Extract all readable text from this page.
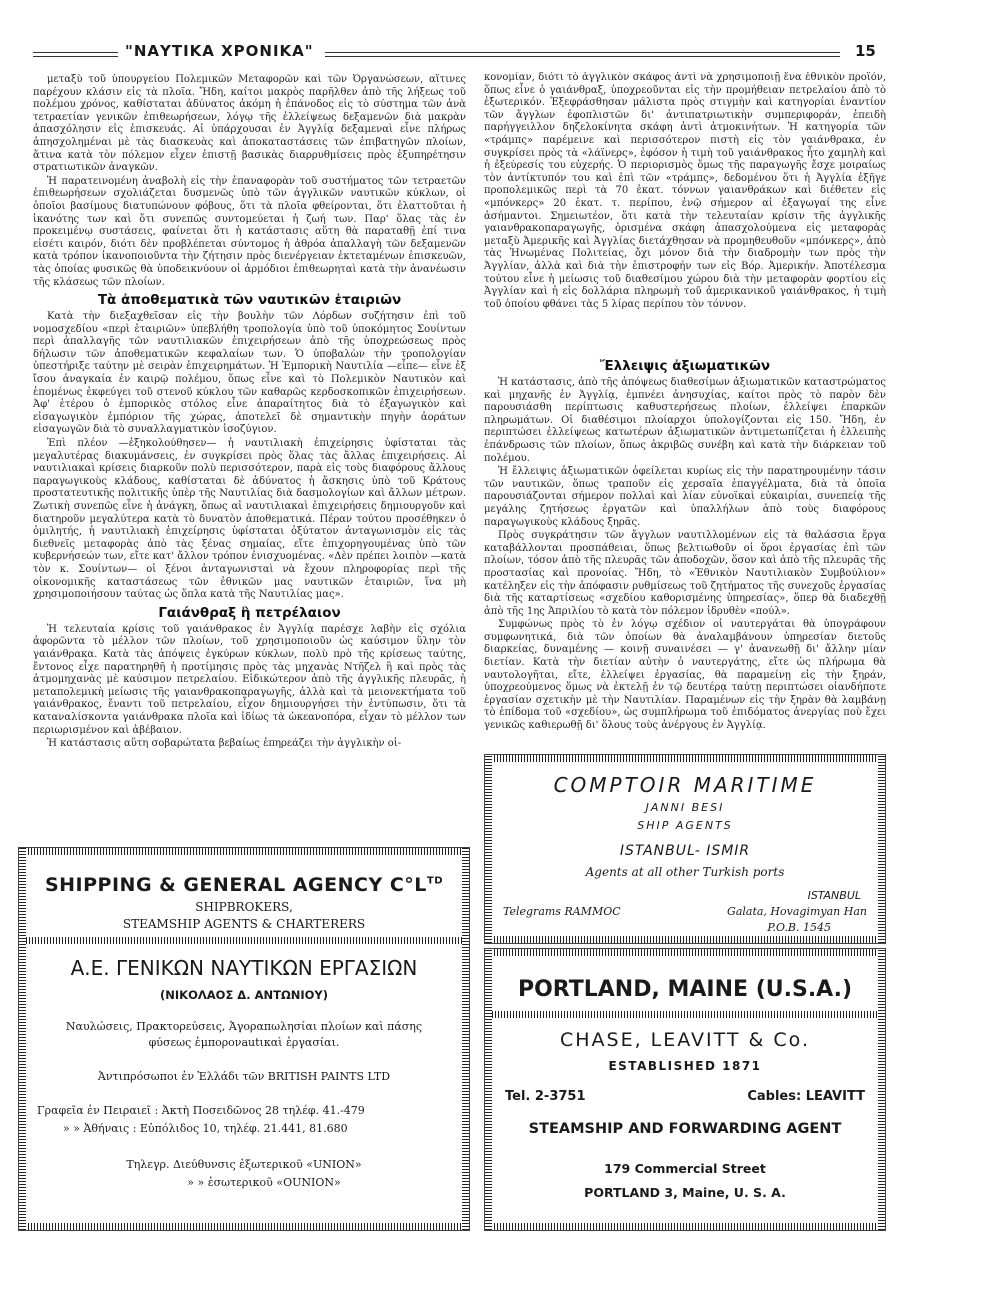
"ΝΑΥΤΙΚΑ ΧΡΟΝΙΚΑ"	15

μεταξὺ τοῦ ὑπουργείου Πολεμικῶν Μεταφορῶν καὶ τῶν Ὀργανώσεων, αἵτινες παρέχουν κλάσιν εἰς τὰ πλοῖα. Ἤδη, καίτοι μακρὸς παρῆλθεν ἀπὸ τῆς λήξεως τοῦ πολέμου χρόνος, καθίσταται ἀδύνατος ἀκόμη ἡ ἐπάνοδος εἰς τὸ σύστημα τῶν ἀνὰ τετραετίαν γενικῶν ἐπιθεωρήσεων, λόγῳ τῆς ἐλλείψεως δεξαμενῶν διὰ μακρὰν ἀπασχόλησιν εἰς ἐπισκευάς. Αἱ ὑπάρχουσαι ἐν Ἀγγλίᾳ δεξαμεναὶ εἶνε πλήρως ἀπησχολημέναι μὲ τὰς διασκευὰς καὶ ἀποκαταστάσεις τῶν ἐπιβατηγῶν πλοίων, ἅτινα κατὰ τὸν πόλεμον εἶχεν ἐπιστῇ βασικὰς διαρρυθμίσεις πρὸς ἐξυπηρέτησιν στρατιωτικῶν ἀναγκῶν.

Ἡ παρατεινομένη ἀναβολὴ εἰς τὴν ἐπαναφορὰν τοῦ συστήματος τῶν τετραετῶν ἐπιθεωρήσεων σχολιάζεται δυσμενῶς ὑπὸ τῶν ἀγγλικῶν ναυτικῶν κύκλων, οἱ ὁποῖοι βασίμους διατυπώνουν φόβους, ὅτι τὰ πλοῖα φθείρονται, ὅτι ἐλαττοῦται ἡ ἱκανότης των καὶ ὅτι συνεπῶς συντομεύεται ἡ ζωή των. Παρ' ὅλας τὰς ἐν προκειμένῳ συστάσεις, φαίνεται ὅτι ἡ κατάστασις αὕτη θὰ παραταθῇ ἐπί τινα εἰσέτι καιρόν, διότι δὲν προβλέπεται σύντομος ἡ ἀθρόα ἀπαλλαγὴ τῶν δεξαμενῶν κατὰ τρόπον ἱκανοποιοῦντα τὴν ζήτησιν πρὸς διενέργειαν ἐκτεταμένων ἐπισκευῶν, τὰς ὁποίας φυσικῶς θὰ ὑποδεικνύουν οἱ ἁρμόδιοι ἐπιθεωρηταὶ κατὰ τὴν ἀνανέωσιν τῆς κλάσεως τῶν πλοίων.

Τὰ ἀποθεματικὰ τῶν ναυτικῶν ἑταιριῶν

Κατὰ τὴν διεξαχθεῖσαν εἰς τὴν βουλὴν τῶν Λόρδων συζήτησιν ἐπὶ τοῦ νομοσχεδίου «περὶ ἑταιριῶν» ὑπεβλήθη τροπολογία ὑπὸ τοῦ ὑποκόμητος Σουίντων περὶ ἀπαλλαγῆς τῶν ναυτιλιακῶν ἐπιχειρήσεων ἀπὸ τῆς ὑποχρεώσεως πρὸς δήλωσιν τῶν ἀποθεματικῶν κεφαλαίων των. Ὁ ὑποβαλὼν τὴν τροπολογίαν ὑπεστήριξε ταύτην μὲ σειρὰν ἐπιχειρημάτων. Ἡ Ἐμπορικὴ Ναυτιλία —εἶπε— εἶνε ἐξ ἴσου ἀναγκαία ἐν καιρῷ πολέμου, ὅπως εἶνε καὶ τὸ Πολεμικὸν Ναυτικὸν καὶ ἑπομένως ἐκφεύγει τοῦ στενοῦ κύκλου τῶν καθαρῶς κερδοσκοπικῶν ἐπιχειρήσεων. Ἀφ' ἑτέρου ὁ ἐμπορικὸς στόλος εἶνε ἀπαραίτητος διὰ τὸ ἐξαγωγικὸν καὶ εἰσαγωγικὸν ἐμπόριον τῆς χώρας, ἀποτελεῖ δὲ σημαντικὴν πηγὴν ἀοράτων εἰσαγωγῶν διὰ τὸ συναλλαγματικὸν ἰσοζύγιον.

Ἐπὶ πλέον —ἐξηκολούθησεν— ἡ ναυτιλιακὴ ἐπιχείρησις ὑφίσταται τὰς μεγαλυτέρας διακυμάνσεις, ἐν συγκρίσει πρὸς ὅλας τὰς ἄλλας ἐπιχειρήσεις. Αἱ ναυτιλιακαὶ κρίσεις διαρκοῦν πολὺ περισσότερον, παρὰ εἰς τοὺς διαφόρους ἄλλους παραγωγικοὺς κλάδους, καθίσταται δὲ ἀδύνατος ἡ ἄσκησις ὑπὸ τοῦ Κράτους προστατευτικῆς πολιτικῆς ὑπὲρ τῆς Ναυτιλίας διὰ δασμολογίων καὶ ἄλλων μέτρων. Ζωτικὴ συνεπῶς εἶνε ἡ ἀνάγκη, ὅπως αἱ ναυτιλιακαὶ ἐπιχειρήσεις δημιουργοῦν καὶ διατηροῦν μεγαλύτερα κατὰ τὸ δυνατὸν ἀποθεματικά. Πέραν τούτου προσέθηκεν ὁ ὁμιλητής, ἡ ναυτιλιακὴ ἐπιχείρησις ὑφίσταται ὀξύτατον ἀνταγωνισμὸν εἰς τὰς διεθνεῖς μεταφορὰς ἀπὸ τὰς ξένας σημαίας, εἴτε ἐπιχορηγουμένας ὑπὸ τῶν κυβερνήσεών των, εἴτε κατ' ἄλλον τρόπον ἐνισχυομένας. «Δὲν πρέπει λοιπὸν —κατὰ τὸν κ. Σουίντων— οἱ ξένοι ἀνταγωνισταὶ νὰ ἔχουν πληροφορίας περὶ τῆς οἰκονομικῆς καταστάσεως τῶν ἐθνικῶν μας ναυτικῶν ἑταιριῶν, ἵνα μὴ χρησιμοποιήσουν ταύτας ὡς ὅπλα κατὰ τῆς Ναυτιλίας μας».

Γαιάνθραξ ἢ πετρέλαιον

Ἡ τελευταία κρίσις τοῦ γαιάνθρακος ἐν Ἀγγλίᾳ παρέσχε λαβὴν εἰς σχόλια ἀφορῶντα τὸ μέλλον τῶν πλοίων, τοῦ χρησιμοποιοῦν ὡς καύσιμον ὕλην τὸν γαιάνθρακα. Κατὰ τὰς ἀπόψεις ἐγκύρων κύκλων, πολὺ πρὸ τῆς κρίσεως ταύτης, ἔντονος εἶχε παρατηρηθῆ ἡ προτίμησις πρὸς τὰς μηχανὰς Ντῆζελ ἢ καὶ πρὸς τὰς ἀτμομηχανὰς μὲ καύσιμον πετρελαίου. Εἰδικώτερον ἀπὸ τῆς ἀγγλικῆς πλευρᾶς, ἡ μεταπολεμικὴ μείωσις τῆς γαιανθρακοπαραγωγῆς, ἀλλὰ καὶ τὰ μειονεκτήματα τοῦ γαιάνθρακος, ἔναντι τοῦ πετρελαίου, εἶχον δημιουργήσει τὴν ἐντύπωσιν, ὅτι τὰ καταναλίσκοντα γαιάνθρακα πλοῖα καὶ ἰδίως τὰ ὠκεανοπόρα, εἶχαν τὸ μέλλον των περιωρισμένον καὶ ἀβέβαιον.

Ἡ κατάστασις αὕτη σοβαρώτατα βεβαίως ἐπηρεάζει τὴν ἀγγλικὴν οἰ-

κονομίαν, διότι τὸ ἀγγλικὸν σκάφος ἀντὶ νὰ χρησιμοποιῇ ἕνα ἐθνικὸν προϊόν, ὅπως εἶνε ὁ γαιάνθραξ, ὑποχρεοῦνται εἰς τὴν προμήθειαν πετρελαίου ἀπὸ τὸ ἐξωτερικόν. Ἐξεφράσθησαν μάλιστα πρὸς στιγμὴν καὶ κατηγορίαι ἐναντίον τῶν ἄγγλων ἐφοπλιστῶν δι' ἀντιπατριωτικὴν συμπεριφοράν, ἐπειδὴ παρήγγειλλον δηζελοκίνητα σκάφη ἀντὶ ἀτμοκινήτων. Ἡ κατηγορία τῶν «τράμπς» παρέμεινε καὶ περισσότερον πιστὴ εἰς τὸν γαιάνθρακα, ἐν συγκρίσει πρὸς τὰ «λάϊνερς», ἐφόσον ἡ τιμὴ τοῦ γαιάνθρακος ἦτο χαμηλὴ καὶ ἡ ἐξεύρεσίς του εὐχερής. Ὁ περιορισμὸς ὅμως τῆς παραγωγῆς ἔσχε μοιραίως τὸν ἀντίκτυπόν του καὶ ἐπὶ τῶν «τράμπς», δεδομένου ὅτι ἡ Ἀγγλία ἐξῆγε προπολεμικῶς περὶ τὰ 70 ἑκατ. τόννων γαιανθράκων καὶ διέθετεν εἰς «μπόνκερς» 20 ἑκατ. τ. περίπου, ἐνῷ σήμερον αἱ ἐξαγωγαί της εἶνε ἀσήμαντοι. Σημειωτέον, ὅτι κατὰ τὴν τελευταίαν κρίσιν τῆς ἀγγλικῆς γαιανθρακοπαραγωγῆς, ὁρισμένα σκάφη ἀπασχολούμενα εἰς μεταφορὰς μεταξὺ Ἀμερικῆς καὶ Ἀγγλίας διετάχθησαν νὰ προμηθευθοῦν «μπόνκερς», ἀπὸ τὰς Ἡνωμένας Πολιτείας, ὄχι μόνον διὰ τὴν διαδρομὴν των πρὸς τὴν Ἀγγλίαν, ἀλλὰ καὶ διὰ τὴν ἐπιστροφήν των εἰς Βόρ. Ἀμερικήν. Ἀποτέλεσμα τούτου εἶνε ἡ μείωσις τοῦ διαθεσίμου χώρου διὰ τὴν μεταφορὰν φορτίου εἰς Ἀγγλίαν καὶ ἡ εἰς δολλάρια πληρωμὴ τοῦ ἀμερικανικοῦ γαιάνθρακος, ἡ τιμὴ τοῦ ὁποίου φθάνει τὰς 5 λίρας περίπου τὸν τόννον.

Ἔλλειψις ἀξιωματικῶν

Ἡ κατάστασις, ἀπὸ τῆς ἀπόψεως διαθεσίμων ἀξιωματικῶν καταστρώματος καὶ μηχανῆς ἐν Ἀγγλίᾳ, ἐμπνέει ἀνησυχίας, καίτοι πρὸς τὸ παρὸν δὲν παρουσιάσθη περίπτωσις καθυστερήσεως πλοίων, ἐλλείψει ἐπαρκῶν πληρωμάτων. Οἱ διαθέσιμοι πλοίαρχοι ὑπολογίζονται εἰς 150. Ἤδη, ἐν περιπτώσει ἐλλείψεως κατωτέρων ἀξιωματικῶν ἀντιμετωπίζεται ἡ ἐλλειπὴς ἐπάνδρωσις τῶν πλοίων, ὅπως ἀκριβῶς συνέβη καὶ κατὰ τὴν διάρκειαν τοῦ πολέμου.

Ἡ ἔλλειψις ἀξιωματικῶν ὀφείλεται κυρίως εἰς τὴν παρατηρουμένην τάσιν τῶν ναυτικῶν, ὅπως τραποῦν εἰς χερσαῖα ἐπαγγέλματα, διὰ τὰ ὁποῖα παρουσιάζονται σήμερον πολλαὶ καὶ λίαν εὐνοϊκαὶ εὐκαιρίαι, συνεπείᾳ τῆς μεγάλης ζητήσεως ἐργατῶν καὶ ὑπαλλήλων ἀπὸ τοὺς διαφόρους παραγωγικοὺς κλάδους ξηρᾶς.

Πρὸς συγκράτησιν τῶν ἄγγλων ναυτιλλομένων εἰς τὰ θαλάσσια ἔργα καταβάλλονται προσπάθειαι, ὅπως βελτιωθοῦν οἱ ὅροι ἐργασίας ἐπὶ τῶν πλοίων, τόσον ἀπὸ τῆς πλευρᾶς τῶν ἀποδοχῶν, ὅσον καὶ ἀπὸ τῆς πλευρᾶς τῆς προστασίας καὶ προνοίας. Ἤδη, τὸ «Ἐθνικὸν Ναυτιλιακὸν Συμβούλιον» κατέληξεν εἰς τὴν ἀπόφασιν ρυθμίσεως τοῦ ζητήματος τῆς συνεχοῦς ἐργασίας διὰ τῆς καταρτίσεως «σχεδίου καθορισμένης ὑπηρεσίας», ὅπερ θὰ διαδεχθῇ ἀπὸ τῆς 1ης Ἀπριλίου τὸ κατὰ τὸν πόλεμον ἱδρυθὲν «πούλ».

Συμφώνως πρὸς τὸ ἐν λόγῳ σχέδιον οἱ ναυτεργάται θὰ ὑπογράφουν συμφωνητικά, διὰ τῶν ὁποίων θὰ ἀναλαμβάνουν ὑπηρεσίαν διετοῦς διαρκείας, δυναμένης — κοινῇ συναινέσει — γ' ἀνανεωθῇ δι' ἄλλην μίαν διετίαν. Κατὰ τὴν διετίαν αὐτὴν ὁ ναυτεργάτης, εἴτε ὡς πλήρωμα θὰ ναυτολογῆται, εἴτε, ἐλλείψει ἐργασίας, θὰ παραμείνῃ εἰς τὴν ξηράν, ὑποχρεούμενος ὅμως νὰ ἐκτελῇ ἐν τῷ δευτέρᾳ ταύτῃ περιπτώσει οἱανδήποτε ἐργασίαν σχετικὴν μὲ τὴν Ναυτιλίαν. Παραμένων εἰς τὴν ξηρὰν θὰ λαμβάνῃ τὸ ἐπίδομα τοῦ «σχεδίου», ὡς συμπλήρωμα τοῦ ἐπιδόματος ἀνεργίας ποὺ ἔχει γενικῶς καθιερωθῇ δι' ὅλους τοὺς ἀνέργους ἐν Ἀγγλίᾳ.

SHIPPING & GENERAL AGENCY $C^\circ L^{TD}$
SHIPBROKERS,
STEAMSHIP AGENTS & CHARTERERS
Α.Ε. ΓΕΝΙΚΩΝ ΝΑΥΤΙΚΩΝ ΕΡΓΑΣΙΩΝ
(ΝΙΚΟΛΑΟΣ Δ. ΑΝΤΩΝΙΟΥ)
Ναυλώσεις, Πρακτορεύσεις, Ἀγοραπωλησίαι πλοίων καὶ πάσης
φύσεως ἐμπορονautικαὶ ἐργασίαι.
Ἀντιπρόσωποι ἐν Ἑλλάδι τῶν BRITISH PAINTS LTD
Γραφεῖα ἐν Πειραιεῖ : Ἀκτὴ Ποσειδῶνος 28 τηλέφ. 41.-479
» » Ἀθήναις : Εὐπόλιδος 10, τηλέφ. 21.441, 81.680
Τηλεγρ. Διεύθυνσις ἐξωτερικοῦ «UNION»
» » ἐσωτερικοῦ «OUNION»
COMPTOIR MARITIME
JANNI BESI
SHIP AGENTS
ISTANBUL- ISMIR
Agents at all other Turkish ports
ISTANBUL
Telegrams RAMMOC	Galata, Hovagimyan Han
P.O.B. 1545
PORTLAND, MAINE (U.S.A.)
CHASE, LEAVITT & Co.
ESTABLISHED 1871
Tel. 2-3751	Cables: LEAVITT
STEAMSHIP AND FORWARDING AGENT
179 Commercial Street
PORTLAND 3, Maine, U. S. A.
